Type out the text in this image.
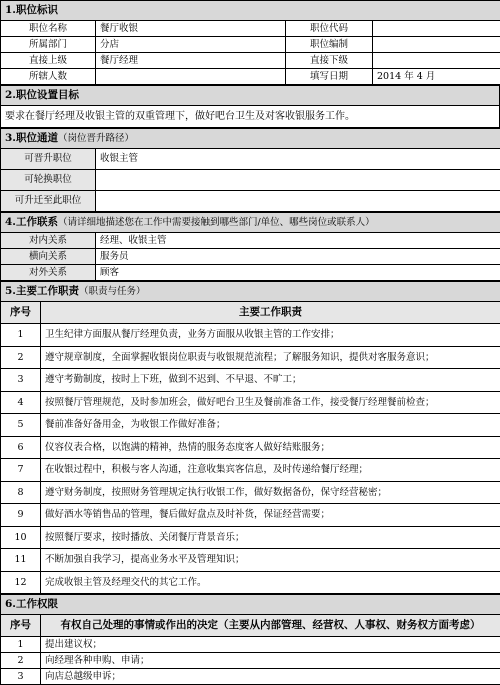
1.职位标识			
职位名称	餐厅收银	职位代码	
所属部门	分店	职位编制	
直接上级	餐厅经理	直接下级	
所辖人数		填写日期	2014 年 4 月
2.职位设置目标
要求在餐厅经理及收银主管的双重管理下，做好吧台卫生及对客收银服务工作。
3.职位通道（岗位晋升路径）	
可晋升职位	收银主管
可轮换职位	
可升迁至此职位	
4.工作联系（请详细地描述您在工作中需要接触到哪些部门/单位、哪些岗位或联系人）	
对内关系	经理、收银主管
横向关系	服务员
对外关系	顾客
5.主要工作职责（职责与任务）	
序号	主要工作职责
1	卫生纪律方面服从餐厅经理负责，业务方面服从收银主管的工作安排；
2	遵守规章制度，全面掌握收银岗位职责与收银规范流程；了解服务知识，提供对客服务意识；
3	遵守考勤制度，按时上下班，做到不迟到、不早退、不旷工；
4	按照餐厅管理规范，及时参加班会，做好吧台卫生及餐前准备工作，接受餐厅经理餐前检查；
5	餐前准备好备用金，为收银工作做好准备；
6	仪容仪表合格，以饱满的精神，热情的服务态度客人做好结账服务；
7	在收银过程中，积极与客人沟通，注意收集宾客信息，及时传递给餐厅经理；
8	遵守财务制度，按照财务管理规定执行收银工作，做好数据备份，保守经营秘密；
9	做好酒水等销售品的管理，餐后做好盘点及时补货，保证经营需要；
10	按照餐厅要求，按时播放、关闭餐厅背景音乐；
11	不断加强自我学习，提高业务水平及管理知识；
12	完成收银主管及经理交代的其它工作。
6.工作权限	
序号	有权自己处理的事情或作出的决定（主要从内部管理、经营权、人事权、财务权方面考虑）
1	提出建议权；
2	向经理各种申购、申请；
3	向店总越级申诉；
